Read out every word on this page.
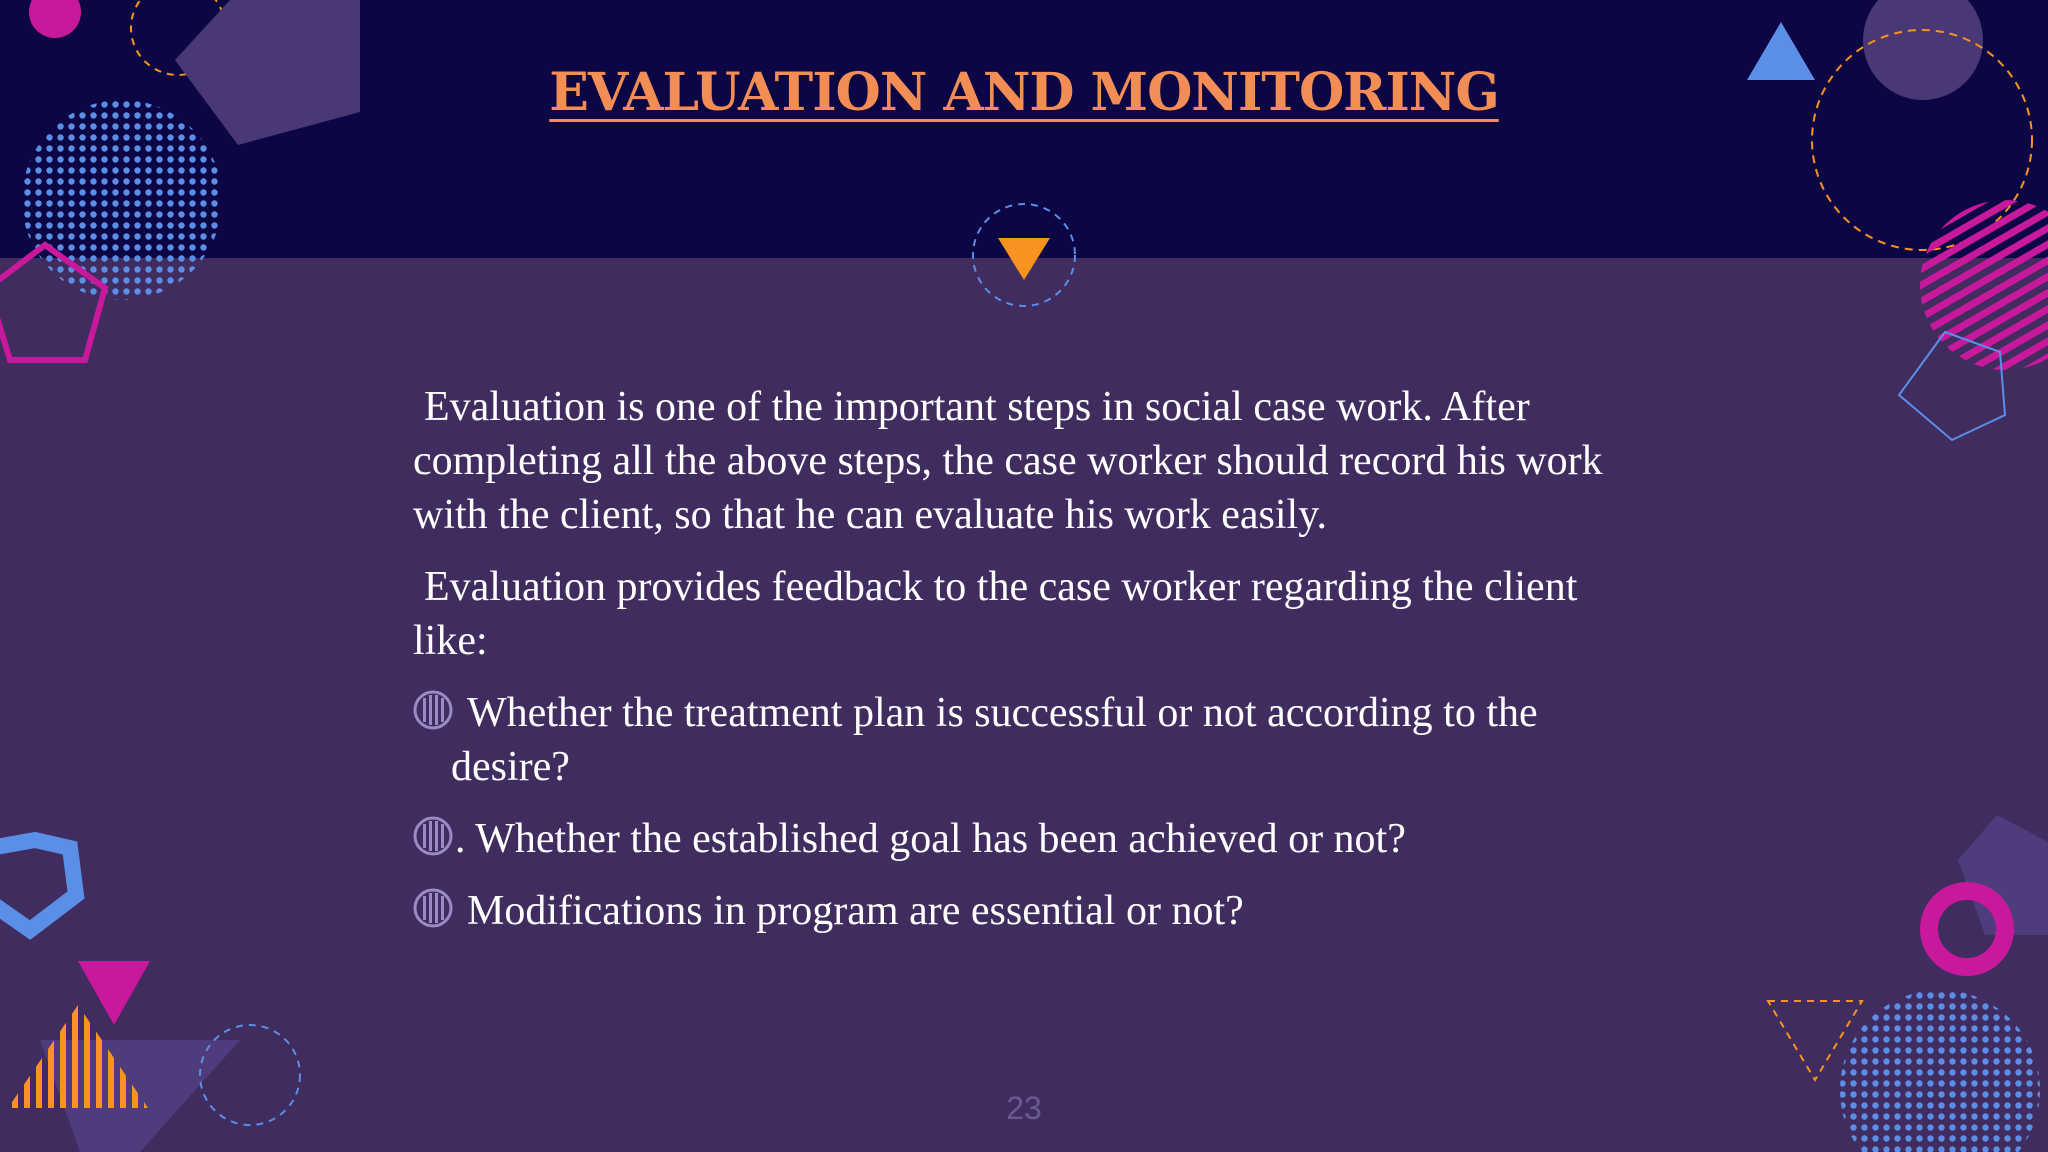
EVALUATION AND MONITORING

Evaluation is one of the important steps in social case work. After completing all the above steps, the case worker should record his work with the client, so that he can evaluate his work easily.

Evaluation provides feedback to the case worker regarding the client like:

Whether the treatment plan is successful or not according to the desire?
. Whether the established goal has been achieved or not?
Modifications in program are essential or not?
23
